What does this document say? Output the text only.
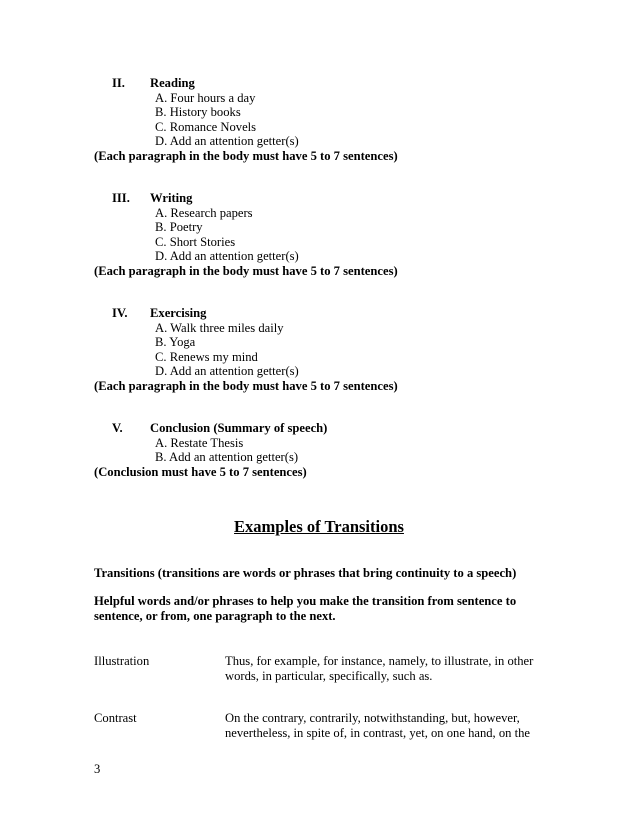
II. Reading
A. Four hours a day
B. History books
C. Romance Novels
D. Add an attention getter(s)
(Each paragraph in the body must have 5 to 7 sentences)
III. Writing
A. Research papers
B. Poetry
C. Short Stories
D. Add an attention getter(s)
(Each paragraph in the body must have 5 to 7 sentences)
IV. Exercising
A. Walk three miles daily
B. Yoga
C. Renews my mind
D. Add an attention getter(s)
(Each paragraph in the body must have 5 to 7 sentences)
V. Conclusion (Summary of speech)
A. Restate Thesis
B. Add an attention getter(s)
(Conclusion must have 5 to 7 sentences)
Examples of Transitions
Transitions (transitions are words or phrases that bring continuity to a speech)
Helpful words and/or phrases to help you make the transition from sentence to sentence, or from, one paragraph to the next.
Illustration	Thus, for example, for instance, namely, to illustrate, in other words, in particular, specifically, such as.
Contrast	On the contrary, contrarily, notwithstanding, but, however, nevertheless, in spite of, in contrast, yet, on one hand, on the
3
